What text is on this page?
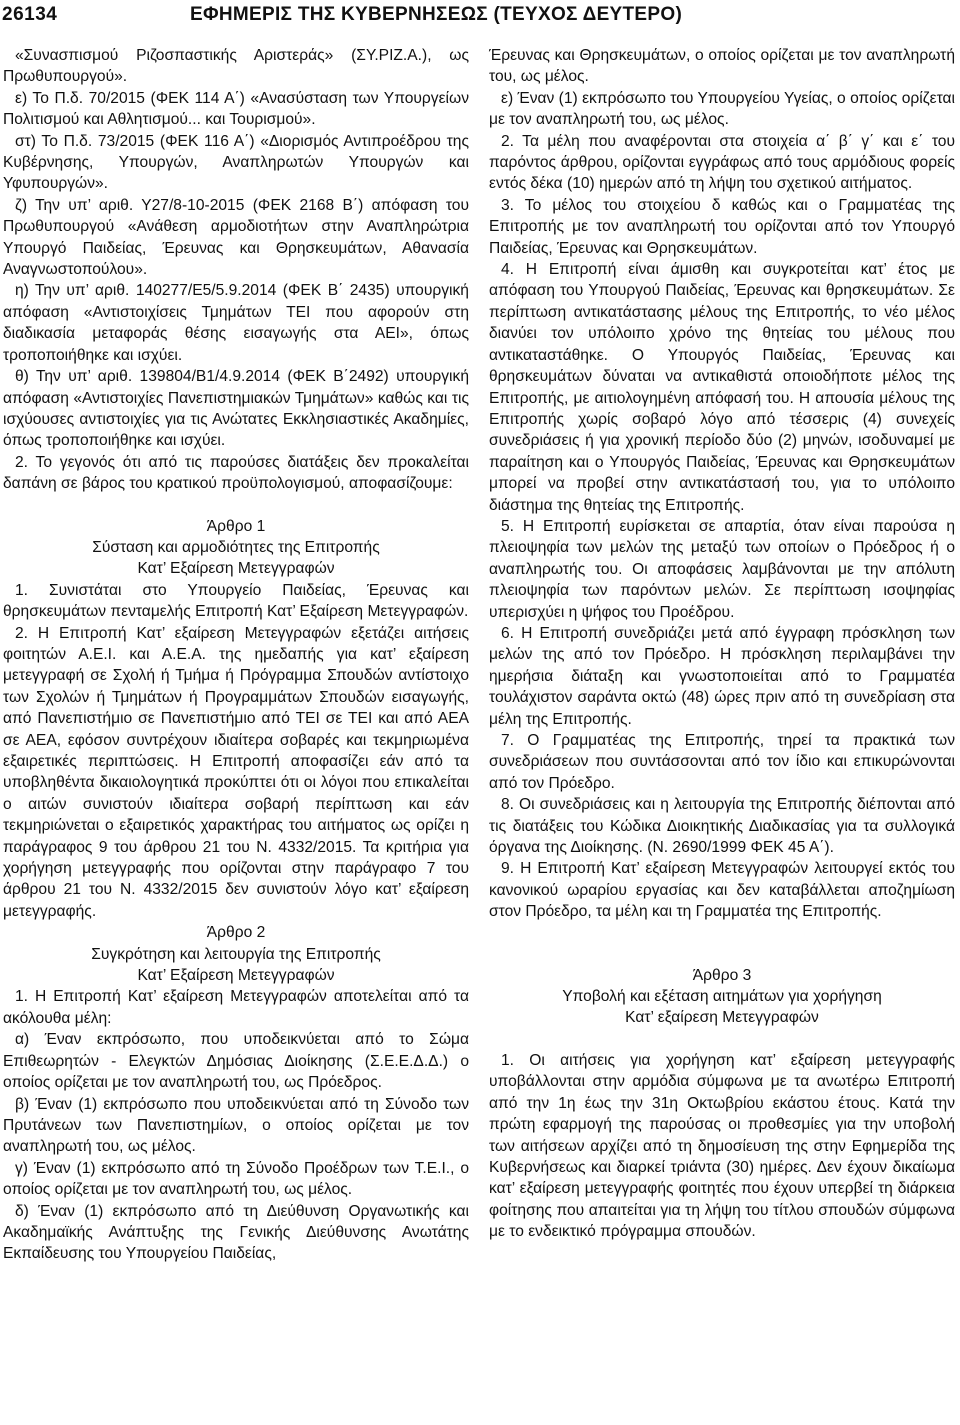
26134	ΕΦΗΜΕΡΙΣ ΤΗΣ ΚΥΒΕΡΝΗΣΕΩΣ (ΤΕΥΧΟΣ ΔΕΥΤΕΡΟ)

«Συνασπισμού Ριζοσπαστικής Αριστεράς» (ΣΥ.ΡΙΖ.Α.), ως Πρωθυπουργού».

ε) Το Π.δ. 70/2015 (ΦΕΚ 114 Α΄) «Ανασύσταση των Υπουργείων Πολιτισμού και Αθλητισμού... και Τουρισμού».

στ) Το Π.δ. 73/2015 (ΦΕΚ 116 Α΄) «Διορισμός Αντιπροέδρου της Κυβέρνησης, Υπουργών, Αναπληρωτών Υπουργών και Υφυπουργών».

ζ) Την υπ’ αριθ. Υ27/8-10-2015 (ΦΕΚ 2168 Β΄) απόφαση του Πρωθυπουργού «Ανάθεση αρμοδιοτήτων στην Αναπληρώτρια Υπουργό Παιδείας, Έρευνας και Θρησκευμάτων, Αθανασία Αναγνωστοπούλου».

η) Την υπ’ αριθ. 140277/Ε5/5.9.2014 (ΦΕΚ Β΄ 2435) υπουργική απόφαση «Αντιστοιχίσεις Τμημάτων ΤΕΙ που αφορούν στη διαδικασία μεταφοράς θέσης εισαγωγής στα ΑΕΙ», όπως τροποποιήθηκε και ισχύει.

θ) Την υπ’ αριθ. 139804/Β1/4.9.2014 (ΦΕΚ Β΄2492) υπουργική απόφαση «Αντιστοιχίες Πανεπιστημιακών Τμημάτων» καθώς και τις ισχύουσες αντιστοιχίες για τις Ανώτατες Εκκλησιαστικές Ακαδημίες, όπως τροποποιήθηκε και ισχύει.

2. Το γεγονός ότι από τις παρούσες διατάξεις δεν προκαλείται δαπάνη σε βάρος του κρατικού προϋπολογισμού, αποφασίζουμε:

Άρθρο 1

Σύσταση και αρμοδιότητες της Επιτροπής

Κατ’ Εξαίρεση Μετεγγραφών

1. Συνιστάται στο Υπουργείο Παιδείας, Έρευνας και θρησκευμάτων πενταμελής Επιτροπή Κατ’ Εξαίρεση Μετεγγραφών.

2. Η Επιτροπή Κατ’ εξαίρεση Μετεγγραφών εξετάζει αιτήσεις φοιτητών Α.Ε.Ι. και Α.Ε.Α. της ημεδαπής για κατ’ εξαίρεση μετεγγραφή σε Σχολή ή Τμήμα ή Πρόγραμμα Σπουδών αντίστοιχο των Σχολών ή Τμημάτων ή Προγραμμάτων Σπουδών εισαγωγής, από Πανεπιστήμιο σε Πανεπιστήμιο από ΤΕΙ σε ΤΕΙ και από ΑΕΑ σε ΑΕΑ, εφόσον συντρέχουν ιδιαίτερα σοβαρές και τεκμηριωμένα εξαιρετικές περιπτώσεις. Η Επιτροπή αποφασίζει εάν από τα υποβληθέντα δικαιολογητικά προκύπτει ότι οι λόγοι που επικαλείται ο αιτών συνιστούν ιδιαίτερα σοβαρή περίπτωση και εάν τεκμηριώνεται ο εξαιρετικός χαρακτήρας του αιτήματος ως ορίζει η παράγραφος 9 του άρθρου 21 του Ν. 4332/2015. Τα κριτήρια για χορήγηση μετεγγραφής που ορίζονται στην παράγραφο 7 του άρθρου 21 του Ν. 4332/2015 δεν συνιστούν λόγο κατ’ εξαίρεση μετεγγραφής.

Άρθρο 2

Συγκρότηση και λειτουργία της Επιτροπής

Κατ’ Εξαίρεση Μετεγγραφών

1. Η Επιτροπή Κατ’ εξαίρεση Μετεγγραφών αποτελείται από τα ακόλουθα μέλη:

α) Έναν εκπρόσωπο, που υποδεικνύεται από το Σώμα Επιθεωρητών - Ελεγκτών Δημόσιας Διοίκησης (Σ.Ε.Ε.Δ.Δ.) ο οποίος ορίζεται με τον αναπληρωτή του, ως Πρόεδρος.

β) Έναν (1) εκπρόσωπο που υποδεικνύεται από τη Σύνοδο των Πρυτάνεων των Πανεπιστημίων, ο οποίος ορίζεται με τον αναπληρωτή του, ως μέλος.

γ) Έναν (1) εκπρόσωπο από τη Σύνοδο Προέδρων των Τ.Ε.Ι., ο οποίος ορίζεται με τον αναπληρωτή του, ως μέλος.

δ) Έναν (1) εκπρόσωπο από τη Διεύθυνση Οργανωτικής και Ακαδημαϊκής Ανάπτυξης της Γενικής Διεύθυνσης Ανωτάτης Εκπαίδευσης του Υπουργείου Παιδείας,

Έρευνας και Θρησκευμάτων, ο οποίος ορίζεται με τον αναπληρωτή του, ως μέλος.

ε) Έναν (1) εκπρόσωπο του Υπουργείου Υγείας, ο οποίος ορίζεται με τον αναπληρωτή του, ως μέλος.

2. Τα μέλη που αναφέρονται στα στοιχεία α΄ β΄ γ΄ και ε΄ του παρόντος άρθρου, ορίζονται εγγράφως από τους αρμόδιους φορείς εντός δέκα (10) ημερών από τη λήψη του σχετικού αιτήματος.

3. Το μέλος του στοιχείου δ καθώς και ο Γραμματέας της Επιτροπής με τον αναπληρωτή του ορίζονται από τον Υπουργό Παιδείας, Έρευνας και Θρησκευμάτων.

4. Η Επιτροπή είναι άμισθη και συγκροτείται κατ’ έτος με απόφαση του Υπουργού Παιδείας, Έρευνας και θρησκευμάτων. Σε περίπτωση αντικατάστασης μέλους της Επιτροπής, το νέο μέλος διανύει τον υπόλοιπο χρόνο της θητείας του μέλους που αντικαταστάθηκε. Ο Υπουργός Παιδείας, Έρευνας και θρησκευμάτων δύναται να αντικαθιστά οποιοδήποτε μέλος της Επιτροπής, με αιτιολογημένη απόφασή του. Η απουσία μέλους της Επιτροπής χωρίς σοβαρό λόγο από τέσσερις (4) συνεχείς συνεδριάσεις ή για χρονική περίοδο δύο (2) μηνών, ισοδυναμεί με παραίτηση και ο Υπουργός Παιδείας, Έρευνας και Θρησκευμάτων μπορεί να προβεί στην αντικατάστασή του, για το υπόλοιπο διάστημα της θητείας της Επιτροπής.

5. Η Επιτροπή ευρίσκεται σε απαρτία, όταν είναι παρούσα η πλειοψηφία των μελών της μεταξύ των οποίων ο Πρόεδρος ή ο αναπληρωτής του. Οι αποφάσεις λαμβάνονται με την απόλυτη πλειοψηφία των παρόντων μελών. Σε περίπτωση ισοψηφίας υπερισχύει η ψήφος του Προέδρου.

6. Η Επιτροπή συνεδριάζει μετά από έγγραφη πρόσκληση των μελών της από τον Πρόεδρο. Η πρόσκληση περιλαμβάνει την ημερήσια διάταξη και γνωστοποιείται από το Γραμματέα τουλάχιστον σαράντα οκτώ (48) ώρες πριν από τη συνεδρίαση στα μέλη της Επιτροπής.

7. Ο Γραμματέας της Επιτροπής, τηρεί τα πρακτικά των συνεδριάσεων που συντάσσονται από τον ίδιο και επικυρώνονται από τον Πρόεδρο.

8. Οι συνεδριάσεις και η λειτουργία της Επιτροπής διέπονται από τις διατάξεις του Κώδικα Διοικητικής Διαδικασίας για τα συλλογικά όργανα της Διοίκησης. (Ν. 2690/1999 ΦΕΚ 45 Α΄).

9. Η Επιτροπή Κατ’ εξαίρεση Μετεγγραφών λειτουργεί εκτός του κανονικού ωραρίου εργασίας και δεν καταβάλλεται αποζημίωση στον Πρόεδρο, τα μέλη και τη Γραμματέα της Επιτροπής.

Άρθρο 3

Υποβολή και εξέταση αιτημάτων για χορήγηση

Κατ’ εξαίρεση Μετεγγραφών

1. Οι αιτήσεις για χορήγηση κατ’ εξαίρεση μετεγγραφής υποβάλλονται στην αρμόδια σύμφωνα με τα ανωτέρω Επιτροπή από την 1η έως την 31η Οκτωβρίου εκάστου έτους. Κατά την πρώτη εφαρμογή της παρούσας οι προθεσμίες για την υποβολή των αιτήσεων αρχίζει από τη δημοσίευση της στην Εφημερίδα της Κυβερνήσεως και διαρκεί τριάντα (30) ημέρες. Δεν έχουν δικαίωμα κατ’ εξαίρεση μετεγγραφής φοιτητές που έχουν υπερβεί τη διάρκεια φοίτησης που απαιτείται για τη λήψη του τίτλου σπουδών σύμφωνα με το ενδεικτικό πρόγραμμα σπουδών.
